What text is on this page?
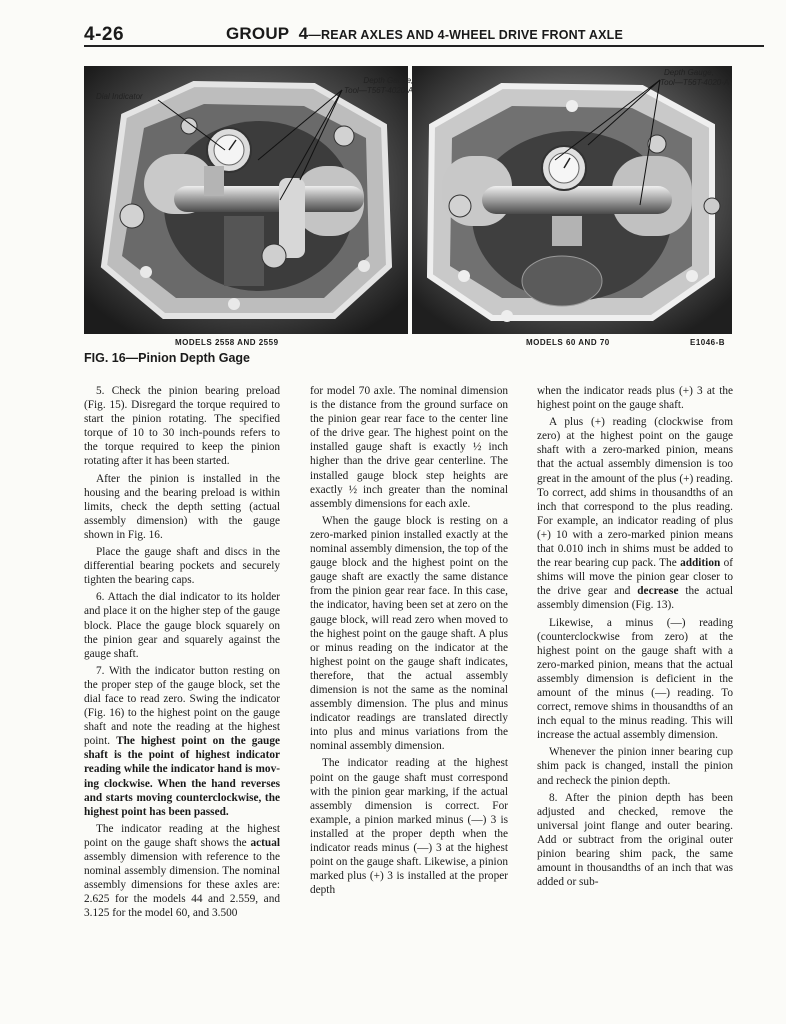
4-26	GROUP 4—REAR AXLES AND 4-WHEEL DRIVE FRONT AXLE
Dial Indicator
Depth Gauge,
Tool—T56T-4020-A
Depth Gauge,
Tool—T56T-4020-A
MODELS 2558 AND 2559	MODELS 60 AND 70	E1046-B
FIG. 16—Pinion Depth Gage

5. Check the pinion bearing preload (Fig. 15). Disregard the torque required to start the pinion rotating. The specified torque of 10 to 30 inch-pounds refers to the torque required to keep the pinion rotating after it has been started.

After the pinion is installed in the housing and the bearing preload is within limits, check the depth setting (actual assembly dimension) with the gauge shown in Fig. 16.

Place the gauge shaft and discs in the differential bearing pockets and securely tighten the bearing caps.

6. Attach the dial indicator to its holder and place it on the higher step of the gauge block. Place the gauge block squarely on the pinion gear and squarely against the gauge shaft.

7. With the indicator button resting on the proper step of the gauge block, set the dial face to read zero. Swing the indicator (Fig. 16) to the highest point on the gauge shaft and note the reading at the highest point. The highest point on the gauge shaft is the point of highest indicator reading while the indicator hand is moving clockwise. When the hand reverses and starts moving counterclockwise, the highest point has been passed.

The indicator reading at the highest point on the gauge shaft shows the actual assembly dimension with reference to the nominal assembly dimension. The nominal assembly dimensions for these axles are: 2.625 for the models 44 and 2.559, and 3.125 for the model 60, and 3.500

for model 70 axle. The nominal dimension is the distance from the ground surface on the pinion gear rear face to the center line of the drive gear. The highest point on the installed gauge shaft is exactly ½ inch higher than the drive gear centerline. The installed gauge block step heights are exactly ½ inch greater than the nominal assembly dimensions for each axle.

When the gauge block is resting on a zero-marked pinion installed exactly at the nominal assembly dimension, the top of the gauge block and the highest point on the gauge shaft are exactly the same distance from the pinion gear rear face. In this case, the indicator, having been set at zero on the gauge block, will read zero when moved to the highest point on the gauge shaft. A plus or minus reading on the indicator at the highest point on the gauge shaft indicates, therefore, that the actual assembly dimension is not the same as the nominal assembly dimension. The plus and minus indicator readings are translated directly into plus and minus variations from the nominal assembly dimension.

The indicator reading at the highest point on the gauge shaft must correspond with the pinion gear marking, if the actual assembly dimension is correct. For example, a pinion marked minus (—) 3 is installed at the proper depth when the indicator reads minus (—) 3 at the highest point on the gauge shaft. Likewise, a pinion marked plus (+) 3 is installed at the proper depth

when the indicator reads plus (+) 3 at the highest point on the gauge shaft.

A plus (+) reading (clockwise from zero) at the highest point on the gauge shaft with a zero-marked pinion, means that the actual assembly dimension is too great in the amount of the plus (+) reading. To correct, add shims in thousandths of an inch that correspond to the plus reading. For example, an indicator reading of plus (+) 10 with a zero-marked pinion means that 0.010 inch in shims must be added to the rear bearing cup pack. The addition of shims will move the pinion gear closer to the drive gear and decrease the actual assembly dimension (Fig. 13).

Likewise, a minus (—) reading (counterclockwise from zero) at the highest point on the gauge shaft with a zero-marked pinion, means that the actual assembly dimension is deficient in the amount of the minus (—) reading. To correct, remove shims in thousandths of an inch equal to the minus reading. This will increase the actual assembly dimension.

Whenever the pinion inner bearing cup shim pack is changed, install the pinion and recheck the pinion depth.

8. After the pinion depth has been adjusted and checked, remove the universal joint flange and outer bearing. Add or subtract from the original outer pinion bearing shim pack, the same amount in thousandths of an inch that was added or sub-
